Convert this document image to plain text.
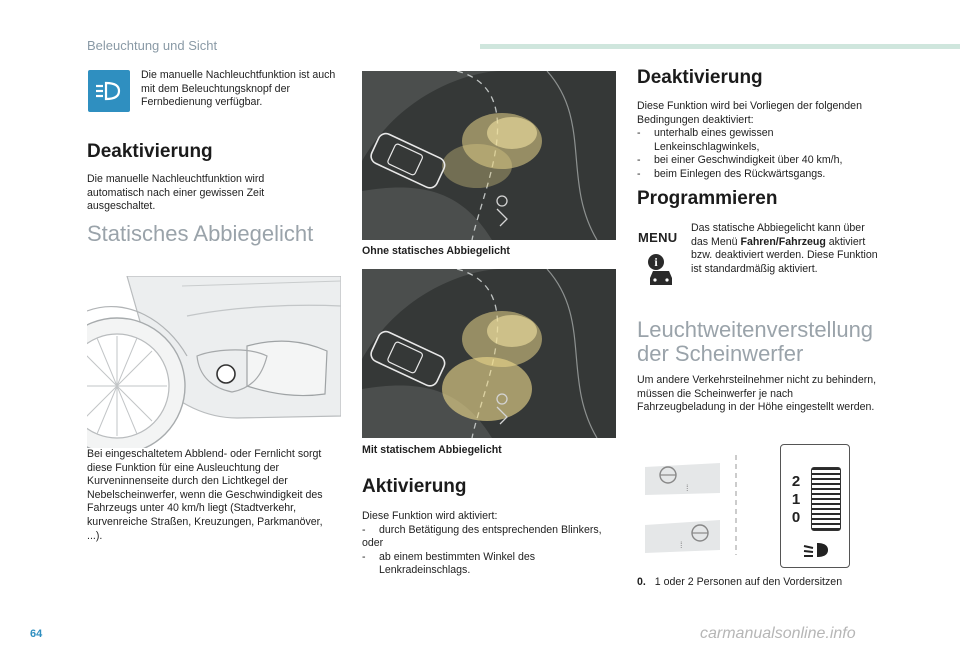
Beleuchtung und Sicht
Die manuelle Nachleuchtfunktion ist auch mit dem Beleuchtungsknopf der Fernbedienung verfügbar.
Deaktivierung
Die manuelle Nachleuchtfunktion wird automatisch nach einer gewissen Zeit ausgeschaltet.
Statisches Abbiegelicht
Bei eingeschaltetem Abblend- oder Fernlicht sorgt diese Funktion für eine Ausleuchtung der Kurveninnenseite durch den Lichtkegel der Nebelscheinwerfer, wenn die Geschwindigkeit des Fahrzeugs unter 40 km/h liegt (Stadtverkehr, kurvenreiche Straßen, Kreuzungen, Parkmanöver, ...).
Ohne statisches Abbiegelicht
Mit statischem Abbiegelicht
Aktivierung
Diese Funktion wird aktiviert:
-	durch Betätigung des entsprechenden Blinkers,
oder
-	ab einem bestimmten Winkel des Lenkradeinschlags.
Deaktivierung
Diese Funktion wird bei Vorliegen der folgenden Bedingungen deaktiviert:
-	unterhalb eines gewissen Lenkeinschlagwinkels,
-	bei einer Geschwindigkeit über 40 km/h,
-	beim Einlegen des Rückwärtsgangs.
Programmieren
MENU
i
Das statische Abbiegelicht kann über das Menü Fahren/Fahrzeug aktiviert bzw. deaktiviert werden. Diese Funktion ist standardmäßig aktiviert.
Leuchtweitenverstellung
der Scheinwerfer
Um andere Verkehrsteilnehmer nicht zu behindern, müssen die Scheinwerfer je nach Fahrzeugbeladung in der Höhe eingestellt werden.
⁞
⁞
2
1
0
0. 1 oder 2 Personen auf den Vordersitzen
64	carmanualsonline.info
